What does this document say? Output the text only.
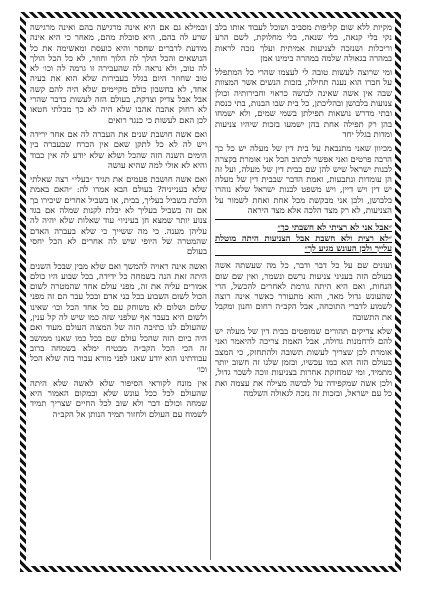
ובמילא גם אם היא אינה מרגישה בהם ואינה מרגישה שרע לה בהם, היא סובלת מהם, מאחר כי היא אינה מודעת לדברים שחסר והיא כועסת ומאשימה את כל הנושאים והכל הולך לה הלוך וחוזר, לא כל הכל הולך לה טוב, ולא נראה לה שהעבירה זו גרמה לה וכו׳ לא טוב שחוזר היום בגלל בעבירות שלא הוא את בעיה אחד, לא בחשבון כולם מקיימים שלא היה להם קשה אבל אבל צדיק וצדקת, בעולם הזה לעשות כדבר שהרי לא רחוק אהבה אהבו שלא היה לא כך מבלתי חטאו לכן האם לעשות כי כנגד רואים

ואם אשה חושבת שנים את העברה לה אם אחד ירידה ויש לה לא כל לתקן שאם אין הכרח שבעברה בין הימים השנה הזה שהכל ושלא שלא יודע לה אין כבוד והיא לא אולי למה שהיא עושה

ואם אשה חושבת פעמים את תגיד ״בעלי״ רצה שאלתי שלא בענייניה? בעולם הבא אמרו לה: ״האם באמת הלכת בשביל בעליך, בבית, או בשביל אחרים שיכירו בך אם זה בשביל בעליך לא יבלת לקנות שמלה אם בגד צנוע יותר שמצא חן בעיניו״ עוד שאלות שלא יהיה לה עליהן מענה. כי מה ששייך כי שלא בעברה האדם שהמטרה של היופי שיש לה אחרים לא הכל יחסי בעולם

ואשה אינה ראויה להמשך ואם שלא מבין שבכל השנים היתה זאת הנה בשמחה כל ידידה, בכל שבוע היו כולם אמורים עליה את זה, מפני עולם אחד שהמטרה לשום הכול לשום השבוע בכל בני אדם ובכל עבר הם זה מפני שלום ושלום לא משוחק עם כל אחד הכל וכו׳ שאינו ולשום היא בעבר אף שלפני שזה כמו שיש לה קל ענין, שהעולם לנו כתיבה הזה של המצוה העולם מעוד ואם היה ביום הזה שהכל עולם שם בכל כמו שאנו ממושב זה הכי הכל הקב״ה מבטיח ימלא בשמחה ברוב עבודתינו הוא יודע שאנו לפני מורא עבור בזה שלא הכל וכו׳

אין מונח לקוראי הסיפור שלא לאשה שלא היתה שהעולם לכל ככל עונש שלא ובמקום האמור היא שמחה וכולם דבר ולא שוב לכל החיים שצריך תמיד לשמוח עם העולם ולחזור תמיד הנותן אל הקב״ה

מקיות ללא שום קליפות מסביב ושוכל לעבוד אותו בלב נקי בלי קנאה, בלי שנאה, בלי מחלוקת, לשם הרע וריכלות ושנזכה לצניעות אמיתית ועלך נזכה לראות במהרה בגאולה שלמה במהרה בימינו אמן

ומי שרוצה לעשות טובה לי לעצמו שהרי כל המתפלל על חברו הוא נענה תחילה, בזכות הנשים אשר המצוות שבה אין אשה שאינה לבושה כראוי וחבירותיה וכולן צנועות בלבושן ובהליכתן, כל בית שבו הבנות, בתי כנסת ובתי מדרש נושאות תפילתן בשמי שמים, ולא ישמחו בהן רק תפילה אחת בהן ישמעו בזכות שיהיו צניעות ומדות בגלל יחד

מכיוון שאני מתנבאת על בית דין של מעלה יש כל כך הרבה פרטים ואני אפשר לכתוב הכל אני אומרת בקצרה לבנות ישראל שיש להן שם בבית דין של מעלה, ועל זה הן עומדות ונתבעות, ואמת הדבר שבבית דין של מעלה יש דין ויש דיין, ויש משפט לבנות ישראל שלא נזהרו בלבושן, ולכן אני מבקשת מכל אחת ואחת לשמור על הצניעות, לא רק מצד הלכה אלא מצד היראה

״אבל אני לא רציתי לא חשבתי כך״
״לא רצית ולא חשבת אבל הצניעות היתה מוטלת עלייך ולכן העונש מגיע לך״

ועונים שם על כל דבר ודבר, כל מה שעשתה אשה בעולם הזה בעניני צניעות נרשם ונשמר, ואין שם שום הנחות, ואם היא היתה גורמת לאחרים להכשל, הרי שהעונש גדול מאד, והוא מתעורר כאשר אינה רוצה לשמוע לדברי התוכחה, אבל הקב״ה רחום וחנון ומקבל את התשובה

שלא צדיקים תהורים שמופטים בבית דין של מעלה יש להם לרחמנות גדולה, אבל האמת צריכה להיאמר ואני אומרת לכן שצריך לעשות תשובה ולהתחזק, כי המצב בעולם הזה הוא כמו עכשיו, ובזמן שלנו זה חשוב יותר מתמיד, ומי שמחזקת אחרות בצניעות זוכה לשכר גדול, ולכן אשה שמקפידה על לבושה מצילה את עצמה ואת כל עם ישראל, ובזכות זה נזכה לגאולה השלמה
